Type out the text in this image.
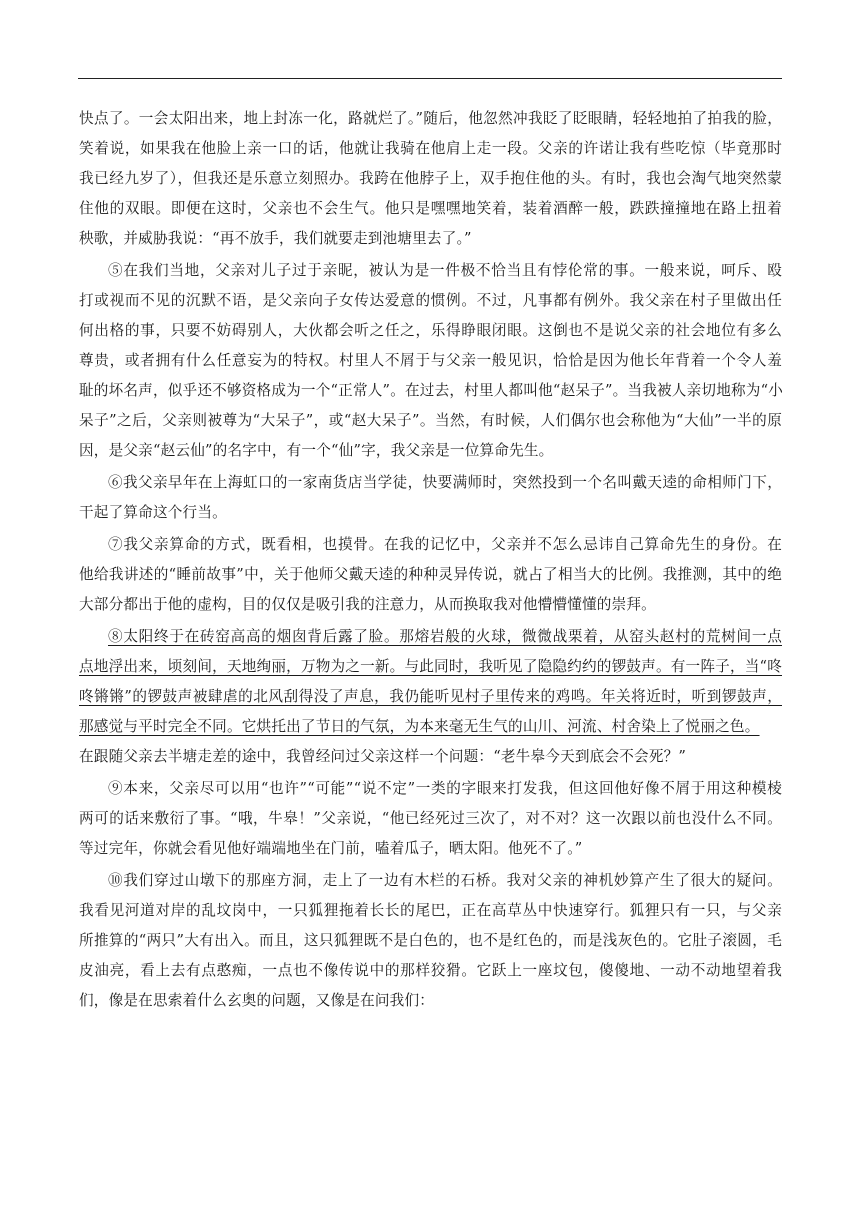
快点了。一会太阳出来，地上封冻一化，路就烂了。”随后，他忽然冲我眨了眨眼睛，轻轻地拍了拍我的脸，
笑着说，如果我在他脸上亲一口的话，他就让我骑在他肩上走一段。父亲的许诺让我有些吃惊（毕竟那时
我已经九岁了），但我还是乐意立刻照办。我跨在他脖子上，双手抱住他的头。有时，我也会淘气地突然蒙
住他的双眼。即便在这时，父亲也不会生气。他只是嘿嘿地笑着，装着酒醉一般，跌跌撞撞地在路上扭着
秧歌，并威胁我说：“再不放手，我们就要走到池塘里去了。”
⑤在我们当地，父亲对儿子过于亲昵，被认为是一件极不恰当且有悖伦常的事。一般来说，呵斥、殴
打或视而不见的沉默不语，是父亲向子女传达爱意的惯例。不过，凡事都有例外。我父亲在村子里做出任
何出格的事，只要不妨碍别人，大伙都会听之任之，乐得睁眼闭眼。这倒也不是说父亲的社会地位有多么
尊贵，或者拥有什么任意妄为的特权。村里人不屑于与父亲一般见识，恰恰是因为他长年背着一个令人羞
耻的坏名声，似乎还不够资格成为一个“正常人”。在过去，村里人都叫他“赵呆子”。当我被人亲切地称为“小
呆子”之后，父亲则被尊为“大呆子”，或“赵大呆子”。当然，有时候，人们偶尔也会称他为“大仙”一半的原
因，是父亲“赵云仙”的名字中，有一个“仙”字，我父亲是一位算命先生。
⑥我父亲早年在上海虹口的一家南货店当学徒，快要满师时，突然投到一个名叫戴天逵的命相师门下，
干起了算命这个行当。
⑦我父亲算命的方式，既看相，也摸骨。在我的记忆中，父亲并不怎么忌讳自己算命先生的身份。在
他给我讲述的“睡前故事”中，关于他师父戴天逵的种种灵异传说，就占了相当大的比例。我推测，其中的绝
大部分都出于他的虚构，目的仅仅是吸引我的注意力，从而换取我对他懵懵懂懂的崇拜。
⑧太阳终于在砖窑高高的烟囱背后露了脸。那熔岩般的火球，微微战栗着，从窑头赵村的荒树间一点
点地浮出来，顷刻间，天地绚丽，万物为之一新。与此同时，我听见了隐隐约约的锣鼓声。有一阵子，当“咚
咚锵锵”的锣鼓声被肆虐的北风刮得没了声息，我仍能听见村子里传来的鸡鸣。年关将近时，听到锣鼓声，
那感觉与平时完全不同。它烘托出了节日的气氛，为本来毫无生气的山川、河流、村舍染上了悦丽之色。
在跟随父亲去半塘走差的途中，我曾经问过父亲这样一个问题：“老牛皋今天到底会不会死？”
⑨本来，父亲尽可以用“也许”“可能”“说不定”一类的字眼来打发我，但这回他好像不屑于用这种模棱
两可的话来敷衍了事。“哦，牛皋！”父亲说，“他已经死过三次了，对不对？这一次跟以前也没什么不同。
等过完年，你就会看见他好端端地坐在门前，嗑着瓜子，晒太阳。他死不了。”
⑩我们穿过山墩下的那座方洞，走上了一边有木栏的石桥。我对父亲的神机妙算产生了很大的疑问。
我看见河道对岸的乱坟岗中，一只狐狸拖着长长的尾巴，正在高草丛中快速穿行。狐狸只有一只，与父亲
所推算的“两只”大有出入。而且，这只狐狸既不是白色的，也不是红色的，而是浅灰色的。它肚子滚圆，毛
皮油亮，看上去有点憨痴，一点也不像传说中的那样狡猾。它跃上一座坟包，傻傻地、一动不动地望着我
们，像是在思索着什么玄奥的问题，又像是在问我们：
